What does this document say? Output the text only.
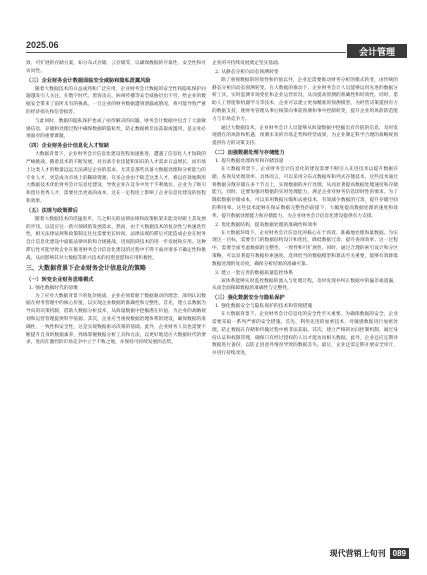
2025.06
会计管理

效、可扩展的存储方案，如分布式存储、云存储等，以确保数据的可靠性、安全性和可访问性。

（三）企业财务会计数据面临安全威胁和隐私泄露风险

随着大数据技术的日益成熟和广泛应用，企业财务会计数据的安全性和隐私保护问题越发引人关注。在数字时代，黑客攻击、病毒传播等安全威胁层出不穷，给企业的数据安全带来了前所未有的挑战。一旦企业的财务数据遭到泄露或篡改，将可能导致严重的经济损失和信誉损害。

与此同时，数据的隐私保护也成了亟待解决的问题。财务会计数据中包含了大量敏感信息，存储和处理过程中确保数据的隐私性，防止数据被非法获取或滥用，是企业必须面对的重要课题。

（四）企业财务会计信息化人才短缺

大数据背景下，企业财务会计信息化建设进程加速推进，遭遇了信息化人才短缺的严峻挑战。随着技术的不断发展，对具备专业技能和知识的人才需求日益增长，而市场上这类人才的数量远远无法满足企业的需求。尤其是那些具备大数据处理和分析能力的专业人才，更是成为市场上的稀缺资源。许多企业由于缺乏这类人才，难以有效地利用大数据技术优化财务会计信息化建设，导致企业在竞争中处于不利地位。企业为了吸引和留住优秀人才，需要付出更高的成本，这在一定程度上影响了企业信息化建设的进程和效果。

（五）法规与政策滞后

随着大数据技术的迅猛进步，与之相关的法律法规和政策框架未能及时跟上其发展的步伐，以适应这一新兴领域的发展需求。然而，由于大数据技术的复杂性与快速迭代性，相关法律法规和政策制定往往需要更长时间。法律法规的滞后可能造成企业在财务会计信息化建设中面临法律风险和合规挑战，进而阻碍技术的进一步发展和应用。这种滞后性可能导致企业在推进财务会计信息化建设的过程中不得不面对诸多不确定性和挑战，从而影响其对大数据等新兴技术的投资意愿和应用积极性。

三、大数据背景下企业财务会计信息化的策略
（一）转变企业财务思维模式
1. 强化数据时代的思维

为了应对大数据背景下的复杂挑战，企业必须着眼于数据驱动的理念，深刻认识数据在财务管理中的核心价值，以实现企业数据的准确性和完整性。首先，建立以数据为导向的决策机制，借助大数据分析技术，从海量数据中挖掘潜在价值，为企业的战略规划和运营管理提供科学依据。其次，企业应当重视数据治理体系的建设，确保数据的准确性、一致性和安全性，这是实现数据驱动决策的基础。此外，企业财务人员也需要不断提升自身的数据素养，熟练掌握数据分析工具和方法，以更好地适应大数据时代的要求，进而在激烈的市场竞争中立于不败之地，并保持可持续发展的态势。

企业的可持续发展奠定坚实基础。

2. 从静态分析向动态预测转变

除了重视数据的时效性和价值以外，企业还需要推动财务分析的模式转变，由传统的静态分析向动态预测转变。在大数据的推动下，企业财务会计人员能够运用先进的数据分析工具，实时监测市场变化和企业运营状况，从而提高预测的准确性和时效性。同时，借助人工智能和机器学习等技术，企业可以建立更加精准的预测模型，为经营决策提供有力的数据支持，使财务管理从事后核算向事前预测和事中控制转变，提升企业的风险防范能力与市场竞争力。

通过大数据技术，企业财务会计人员能够从海量数据中挖掘出有价值的信息，及时发现潜在的风险和机遇，预测未来的市场走势和经营成果，为企业制定科学合理的战略规划提供有力的决策支持。

（二）加强数据处理与存储能力
1. 提升数据处理效率和存储容量

在大数据背景下，企业财务会计信息化的建设需要不断引入先进技术以提升数据存储、查询及处理效率。具体而言，可以采用分布式数据库和列式存储技术，这些技术通过将数据分散存储在多个节点上，实现数据的并行处理，从而显著提高数据处理速度和存储能力。同时，还要加强对数据的实时处理能力，满足企业对财务信息即时性的要求。为了降低数据存储成本，可以采用数据压缩和去重技术，有效减少数据的冗余，提升存储空间的利用率。这些技术能够在保证数据完整性的前提下，大幅度提高数据处理的速度和效率，提升数据处理能力和存储能力，为企业财务会计信息化建设提供有力支撑。

2. 优化数据结构，提高数据处理的准确性和效率

在大数据环境下，企业财务会计信息化的核心在于高效、准确地处理海量数据。为实现这一目标，需要专门的数据结构设计和优化，降低数据冗余、提升查询效率。这一过程中，需要全面考虑数据的完整性、一致性和可扩展性。同时，通过合理的索引设计和分区策略，可以显著提升数据检索速度。选择恰当的数据模型和算法至关重要，能够有效降低数据处理的复杂度，确保分析结果的准确可靠。

3. 建立一套完善的数据质量监控体系

该体系能够实时监控数据的流入与处理过程，及时发现并纠正数据中的偏差或遗漏，从而全面保障数据的准确性与完整性。

（三）强化数据安全与隐私保护
1. 强化数据安全与隐私保护的技术和管理措施

在大数据背景下，企业财务会计信息化的安全性至关重要。为确保数据的安全，企业需要采取一系列严密的安全措施。首先，利用先进的加密技术，对敏感数据进行加密处理，防止数据在存储和传输过程中被非法获取。其次，建立严格的访问控制机制，通过身份认证和权限管理，确保只有经过授权的人员才能访问相关数据。此外，企业还应定期对数据进行备份，以防止因意外情况导致的数据丢失。最后，企业还需定期开展安全审计，并进行持续改进。

现代营销上旬刊 089
